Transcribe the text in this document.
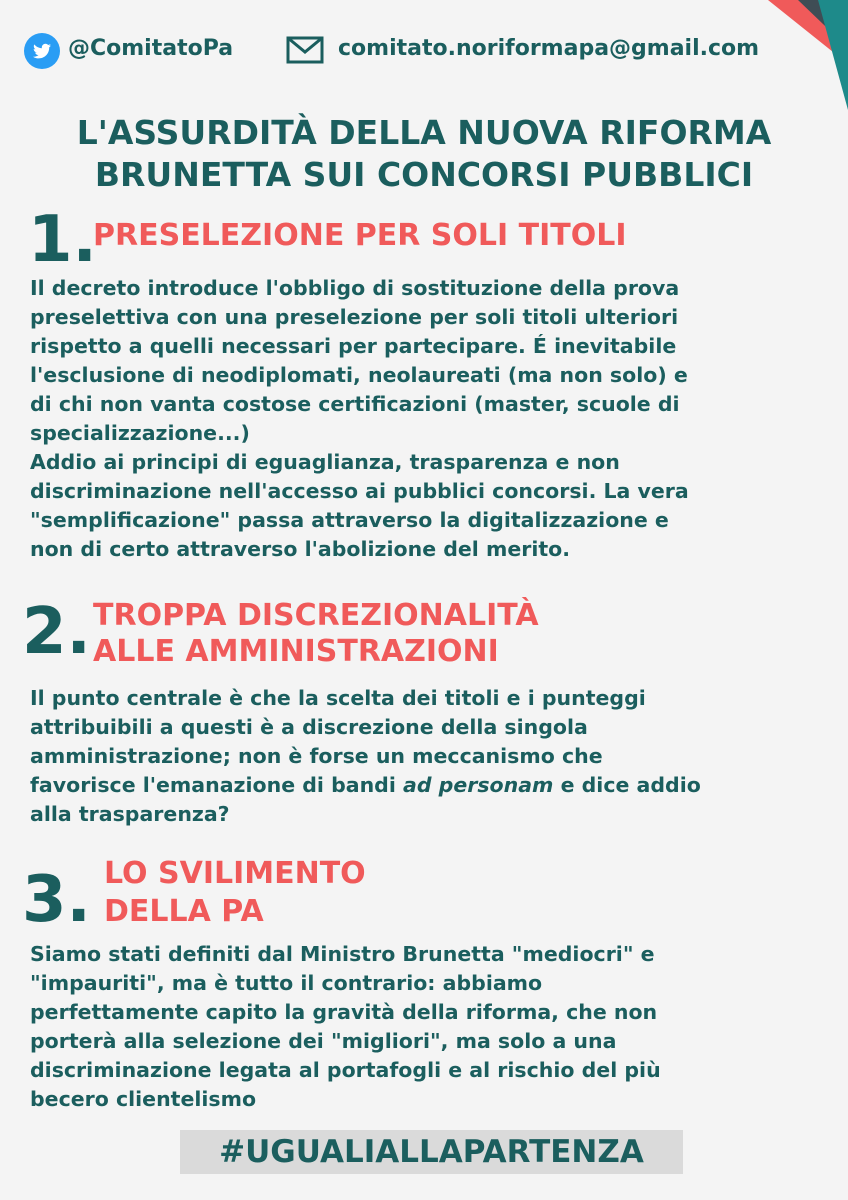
@ComitatoPa	comitato.noriformapa@gmail.com
L'ASSURDITÀ DELLA NUOVA RIFORMA
BRUNETTA SUI CONCORSI PUBBLICI
1.
PRESELEZIONE PER SOLI TITOLI
Il decreto introduce l'obbligo di sostituzione della prova
preselettiva con una preselezione per soli titoli ulteriori
rispetto a quelli necessari per partecipare. É inevitabile
l'esclusione di neodiplomati, neolaureati (ma non solo) e
di chi non vanta costose certificazioni (master, scuole di
specializzazione...)
Addio ai principi di eguaglianza, trasparenza e non
discriminazione nell'accesso ai pubblici concorsi. La vera
"semplificazione" passa attraverso la digitalizzazione e
non di certo attraverso l'abolizione del merito.
2. TROPPA DISCREZIONALITÀ
ALLE AMMINISTRAZIONI
Il punto centrale è che la scelta dei titoli e i punteggi
attribuibili a questi è a discrezione della singola
amministrazione; non è forse un meccanismo che
favorisce l'emanazione di bandi ad personam e dice addio
alla trasparenza?
3. LO SVILIMENTO
DELLA PA
Siamo stati definiti dal Ministro Brunetta "mediocri" e
"impauriti", ma è tutto il contrario: abbiamo
perfettamente capito la gravità della riforma, che non
porterà alla selezione dei "migliori", ma solo a una
discriminazione legata al portafogli e al rischio del più
becero clientelismo
#UGUALIALLAPARTENZA
